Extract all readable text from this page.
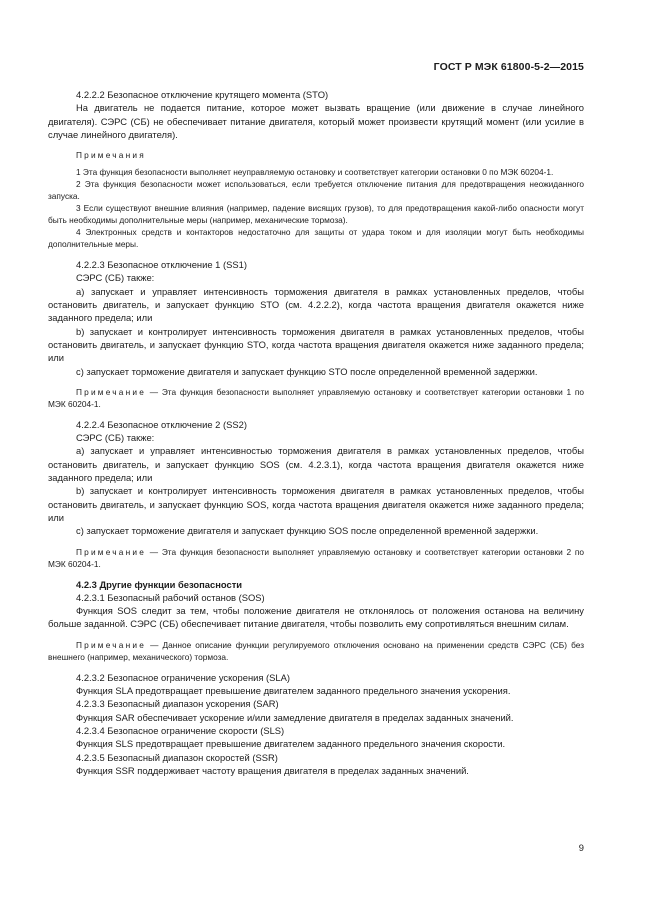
ГОСТ Р МЭК 61800-5-2—2015

4.2.2.2 Безопасное отключение крутящего момента (STO)

На двигатель не подается питание, которое может вызвать вращение (или движение в случае линейного двигателя). СЭРС (СБ) не обеспечивает питание двигателя, который может произвести крутящий момент (или усилие в случае линейного двигателя).

Примечания

1 Эта функция безопасности выполняет неуправляемую остановку и соответствует категории остановки 0 по МЭК 60204-1.

2 Эта функция безопасности может использоваться, если требуется отключение питания для предотвращения неожиданного запуска.

3 Если существуют внешние влияния (например, падение висящих грузов), то для предотвращения какой-либо опасности могут быть необходимы дополнительные меры (например, механические тормоза).

4 Электронных средств и контакторов недостаточно для защиты от удара током и для изоляции могут быть необходимы дополнительные меры.

4.2.2.3 Безопасное отключение 1 (SS1)

СЭРС (СБ) также:

a) запускает и управляет интенсивность торможения двигателя в рамках установленных пределов, чтобы остановить двигатель, и запускает функцию STO (см. 4.2.2.2), когда частота вращения двигателя окажется ниже заданного предела; или

b) запускает и контролирует интенсивность торможения двигателя в рамках установленных пределов, чтобы остановить двигатель, и запускает функцию STO, когда частота вращения двигателя окажется ниже заданного предела; или

c) запускает торможение двигателя и запускает функцию STO после определенной временной задержки.

Примечание — Эта функция безопасности выполняет управляемую остановку и соответствует категории остановки 1 по МЭК 60204-1.

4.2.2.4 Безопасное отключение 2 (SS2)

СЭРС (СБ) также:

a) запускает и управляет интенсивностью торможения двигателя в рамках установленных пределов, чтобы остановить двигатель, и запускает функцию SOS (см. 4.2.3.1), когда частота вращения двигателя окажется ниже заданного предела; или

b) запускает и контролирует интенсивность торможения двигателя в рамках установленных пределов, чтобы остановить двигатель, и запускает функцию SOS, когда частота вращения двигателя окажется ниже заданного предела; или

c) запускает торможение двигателя и запускает функцию SOS после определенной временной задержки.

Примечание — Эта функция безопасности выполняет управляемую остановку и соответствует категории остановки 2 по МЭК 60204-1.

4.2.3 Другие функции безопасности

4.2.3.1 Безопасный рабочий останов (SOS)

Функция SOS следит за тем, чтобы положение двигателя не отклонялось от положения останова на величину больше заданной. СЭРС (СБ) обеспечивает питание двигателя, чтобы позволить ему сопротивляться внешним силам.

Примечание — Данное описание функции регулируемого отключения основано на применении средств СЭРС (СБ) без внешнего (например, механического) тормоза.

4.2.3.2 Безопасное ограничение ускорения (SLA)

Функция SLA предотвращает превышение двигателем заданного предельного значения ускорения.

4.2.3.3 Безопасный диапазон ускорения (SAR)

Функция SAR обеспечивает ускорение и/или замедление двигателя в пределах заданных значений.

4.2.3.4 Безопасное ограничение скорости (SLS)

Функция SLS предотвращает превышение двигателем заданного предельного значения скорости.

4.2.3.5 Безопасный диапазон скоростей (SSR)

Функция SSR поддерживает частоту вращения двигателя в пределах заданных значений.

9
